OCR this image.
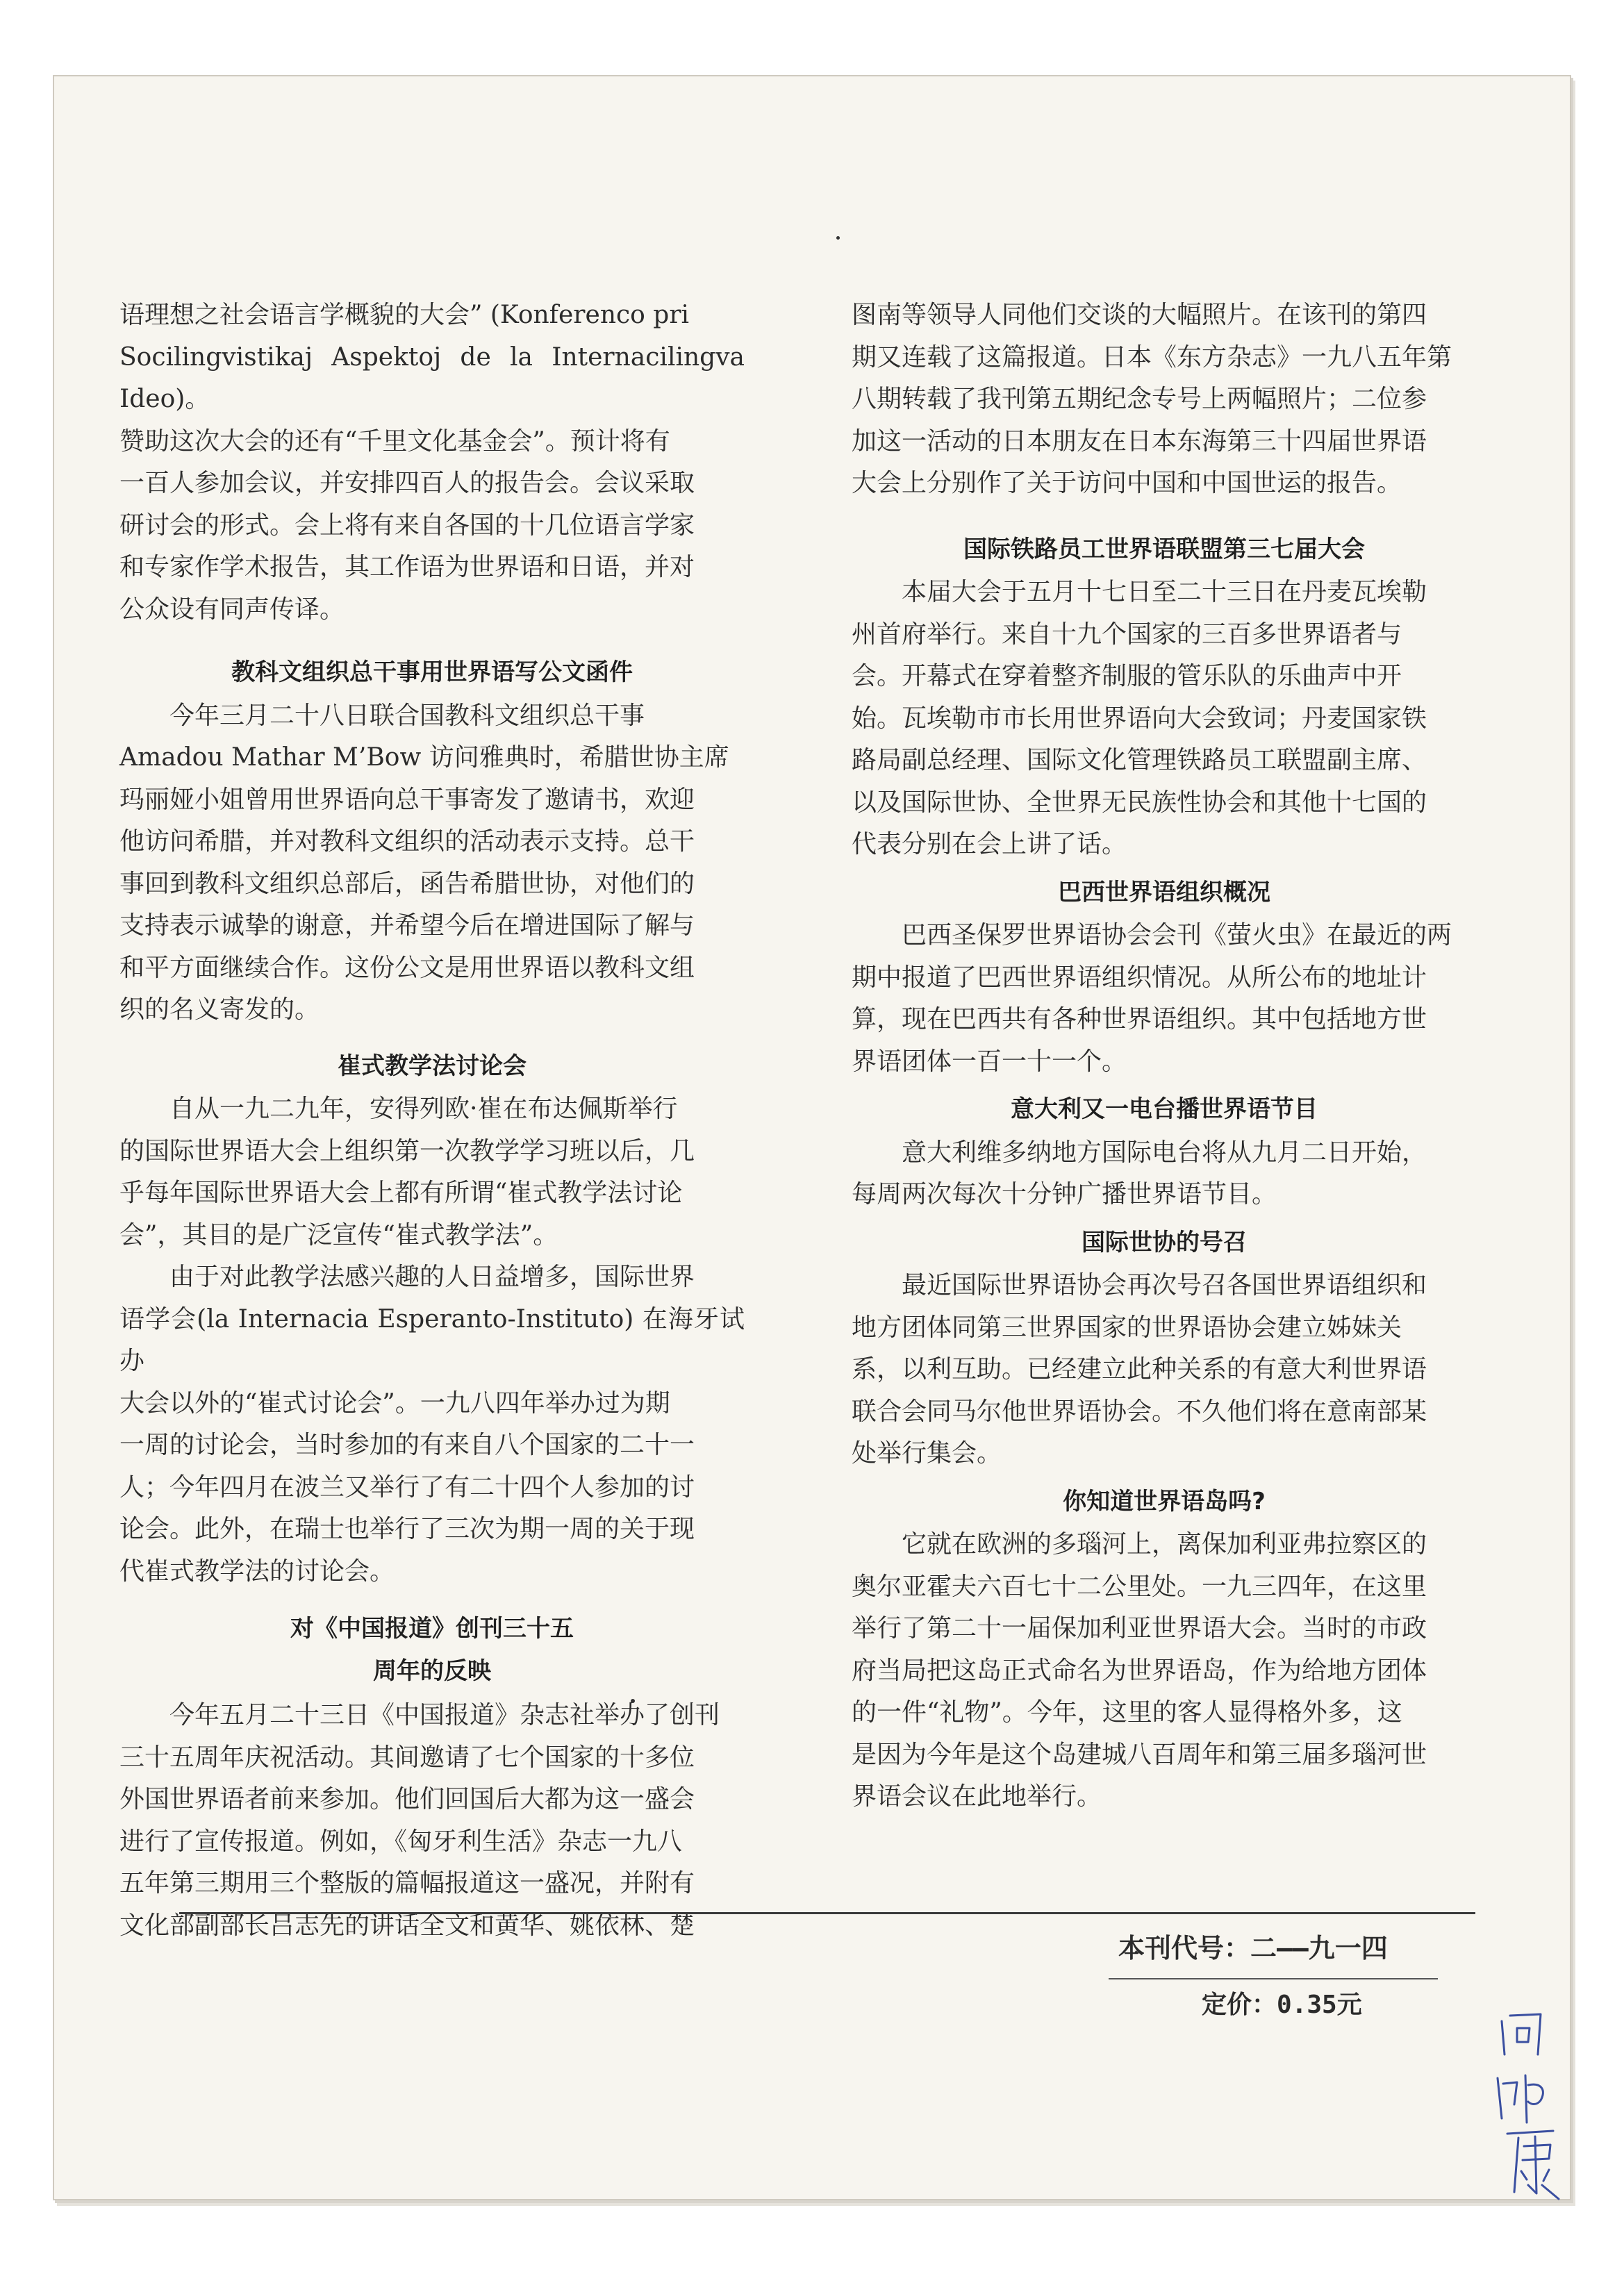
语理想之社会语言学概貌的大会” (Konferenco pri

Socilingvistikaj Aspektoj de la Internacilingva Ideo)。

赞助这次大会的还有“千里文化基金会”。预计将有

一百人参加会议，并安排四百人的报告会。会议采取

研讨会的形式。会上将有来自各国的十几位语言学家

和专家作学术报告，其工作语为世界语和日语，并对

公众设有同声传译。

教科文组织总干事用世界语写公文函件

今年三月二十八日联合国教科文组织总干事

Amadou Mathar M’Bow 访问雅典时，希腊世协主席

玛丽娅小姐曾用世界语向总干事寄发了邀请书，欢迎

他访问希腊，并对教科文组织的活动表示支持。总干

事回到教科文组织总部后，函告希腊世协，对他们的

支持表示诚挚的谢意，并希望今后在增进国际了解与

和平方面继续合作。这份公文是用世界语以教科文组

织的名义寄发的。

崔式教学法讨论会

自从一九二九年，安得列欧·崔在布达佩斯举行

的国际世界语大会上组织第一次教学学习班以后，几

乎每年国际世界语大会上都有所谓“崔式教学法讨论

会”，其目的是广泛宣传“崔式教学法”。

由于对此教学法感兴趣的人日益增多，国际世界

语学会(la Internacia Esperanto-Instituto) 在海牙试办

大会以外的“崔式讨论会”。一九八四年举办过为期

一周的讨论会，当时参加的有来自八个国家的二十一

人；今年四月在波兰又举行了有二十四个人参加的讨

论会。此外，在瑞士也举行了三次为期一周的关于现

代崔式教学法的讨论会。

对《中国报道》创刊三十五
周年的反映

今年五月二十三日《中国报道》杂志社举办了创刊

三十五周年庆祝活动。其间邀请了七个国家的十多位

外国世界语者前来参加。他们回国后大都为这一盛会

进行了宣传报道。例如，《匈牙利生活》杂志一九八

五年第三期用三个整版的篇幅报道这一盛况，并附有

文化部副部长吕志先的讲话全文和黄华、姚依林、楚

图南等领导人同他们交谈的大幅照片。在该刊的第四

期又连载了这篇报道。日本《东方杂志》一九八五年第

八期转载了我刊第五期纪念专号上两幅照片；二位参

加这一活动的日本朋友在日本东海第三十四届世界语

大会上分别作了关于访问中国和中国世运的报告。

国际铁路员工世界语联盟第三七届大会

本届大会于五月十七日至二十三日在丹麦瓦埃勒

州首府举行。来自十九个国家的三百多世界语者与

会。开幕式在穿着整齐制服的管乐队的乐曲声中开

始。瓦埃勒市市长用世界语向大会致词；丹麦国家铁

路局副总经理、国际文化管理铁路员工联盟副主席、

以及国际世协、全世界无民族性协会和其他十七国的

代表分别在会上讲了话。

巴西世界语组织概况

巴西圣保罗世界语协会会刊《萤火虫》在最近的两

期中报道了巴西世界语组织情况。从所公布的地址计

算，现在巴西共有各种世界语组织。其中包括地方世

界语团体一百一十一个。

意大利又一电台播世界语节目

意大利维多纳地方国际电台将从九月二日开始，

每周两次每次十分钟广播世界语节目。

国际世协的号召

最近国际世界语协会再次号召各国世界语组织和

地方团体同第三世界国家的世界语协会建立姊妹关

系，以利互助。已经建立此种关系的有意大利世界语

联合会同马尔他世界语协会。不久他们将在意南部某

处举行集会。

你知道世界语岛吗?

它就在欧洲的多瑙河上，离保加利亚弗拉察区的

奥尔亚霍夫六百七十二公里处。一九三四年，在这里

举行了第二十一届保加利亚世界语大会。当时的市政

府当局把这岛正式命名为世界语岛，作为给地方团体

的一件“礼物”。今年，这里的客人显得格外多，这

是因为今年是这个岛建城八百周年和第三届多瑙河世

界语会议在此地举行。

本刊代号：二——九一四
定价：0.35元
